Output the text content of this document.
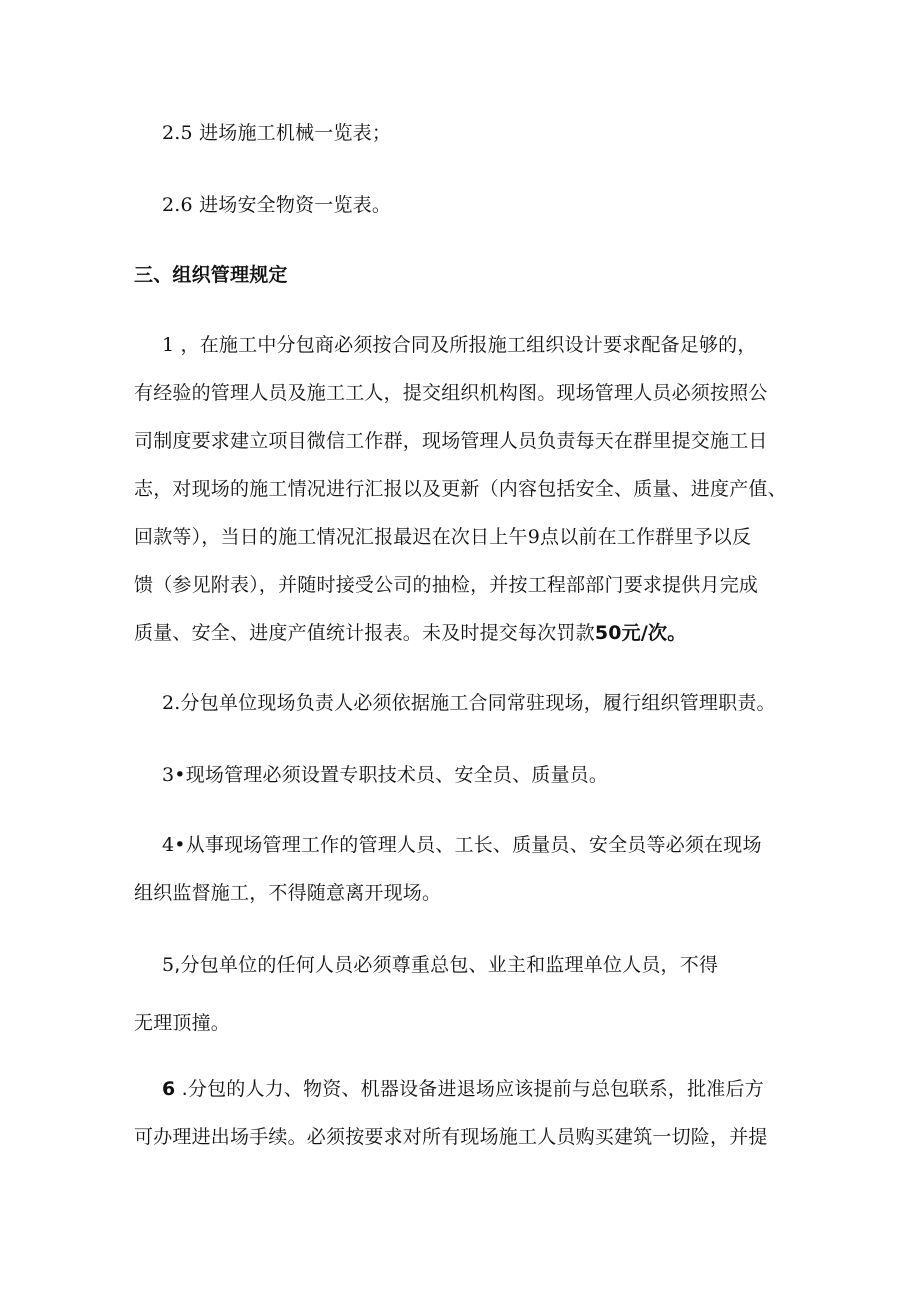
2.5 进场施工机械一览表；
2.6 进场安全物资一览表。
三、组织管理规定
1 ，在施工中分包商必须按合同及所报施工组织设计要求配备足够的，
有经验的管理人员及施工工人，提交组织机构图。现场管理人员必须按照公
司制度要求建立项目微信工作群，现场管理人员负责每天在群里提交施工日
志，对现场的施工情况进行汇报以及更新（内容包括安全、质量、进度产值、
回款等），当日的施工情况汇报最迟在次日上午9点以前在工作群里予以反
馈（参见附表），并随时接受公司的抽检，并按工程部部门要求提供月完成
质量、安全、进度产值统计报表。未及时提交每次罚款50元/次。
2.分包单位现场负责人必须依据施工合同常驻现场，履行组织管理职责。
3•现场管理必须设置专职技术员、安全员、质量员。
4•从事现场管理工作的管理人员、工长、质量员、安全员等必须在现场
组织监督施工，不得随意离开现场。
5,分包单位的任何人员必须尊重总包、业主和监理单位人员，不得
无理顶撞。
6 .分包的人力、物资、机器设备进退场应该提前与总包联系，批准后方
可办理进出场手续。必须按要求对所有现场施工人员购买建筑一切险，并提
